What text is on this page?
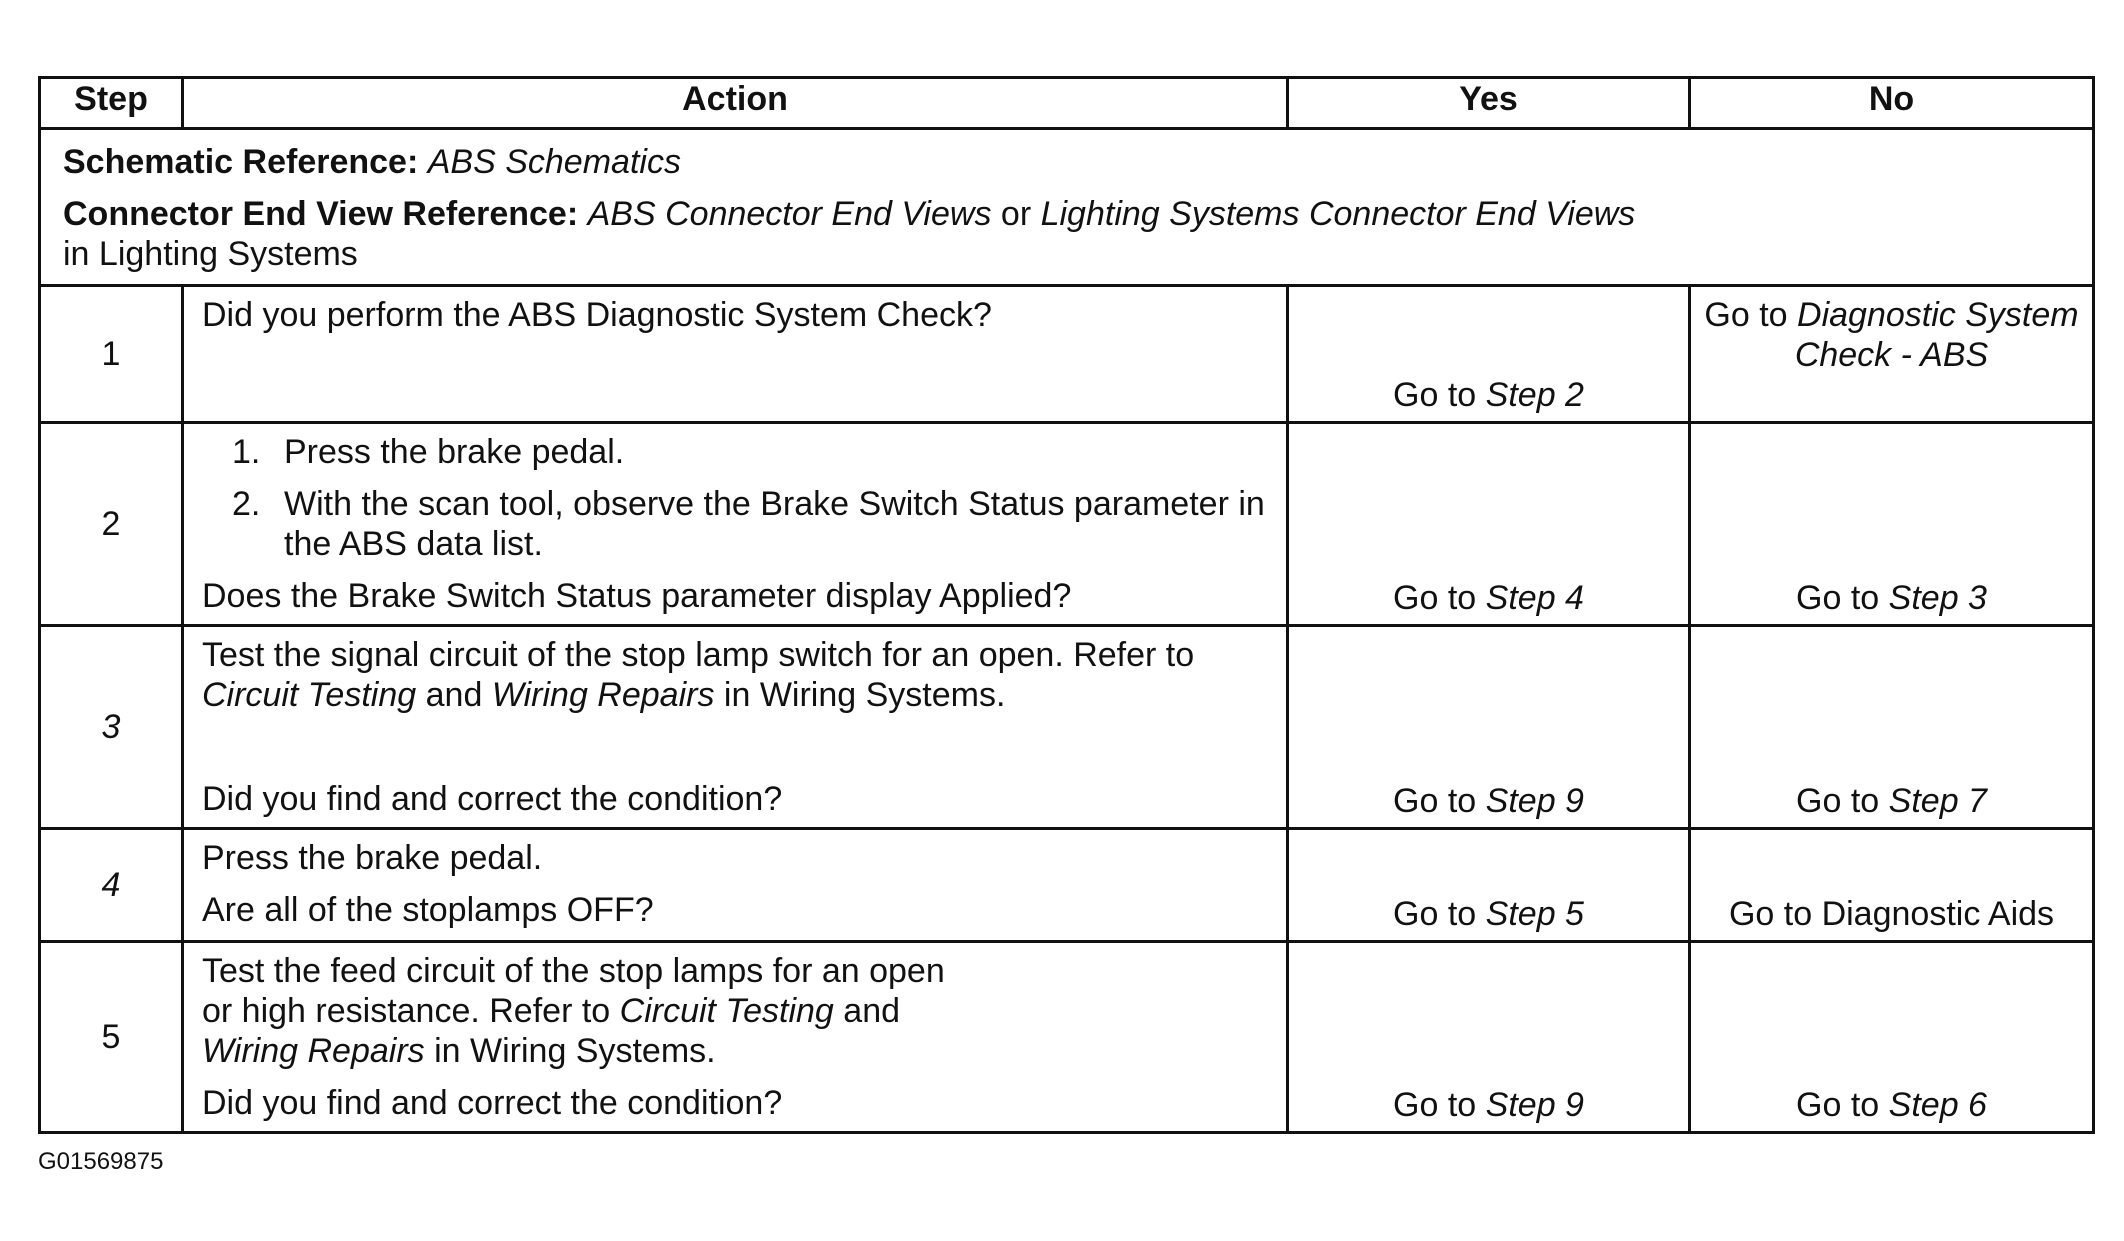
Step	Action	Yes	No

Schematic Reference: ABS Schematics
Connector End View Reference: ABS Connector End Views or Lighting Systems Connector End Views
in Lighting Systems			

1	Did you perform the ABS Diagnostic System Check?	Go to Step 2	Go to Diagnostic System Check - ABS
2	1. Press the brake pedal.
2. With the scan tool, observe the Brake Switch Status parameter in the ABS data list.
Does the Brake Switch Status parameter display Applied?	Go to Step 4	Go to Step 3
3	Test the signal circuit of the stop lamp switch for an open. Refer to Circuit Testing and Wiring Repairs in Wiring Systems.
Did you find and correct the condition?	Go to Step 9	Go to Step 7
4	Press the brake pedal.
Are all of the stoplamps OFF?	Go to Step 5	Go to Diagnostic Aids
5	Test the feed circuit of the stop lamps for an open or high resistance. Refer to Circuit Testing and Wiring Repairs in Wiring Systems.
Did you find and correct the condition?	Go to Step 9	Go to Step 6
G01569875
